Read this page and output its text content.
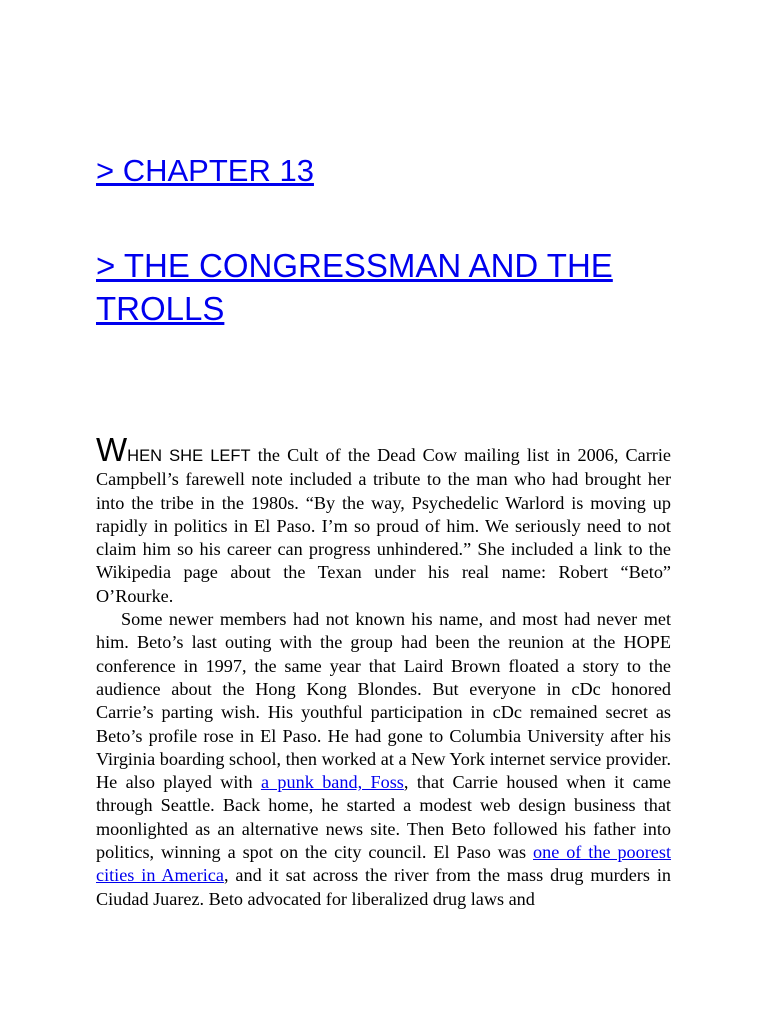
> CHAPTER 13
> THE CONGRESSMAN AND THE TROLLS

WHEN SHE LEFT the Cult of the Dead Cow mailing list in 2006, Carrie Campbell’s farewell note included a tribute to the man who had brought her into the tribe in the 1980s. “By the way, Psychedelic Warlord is moving up rapidly in politics in El Paso. I’m so proud of him. We seriously need to not claim him so his career can progress unhindered.” She included a link to the Wikipedia page about the Texan under his real name: Robert “Beto” O’Rourke.

Some newer members had not known his name, and most had never met him. Beto’s last outing with the group had been the reunion at the HOPE conference in 1997, the same year that Laird Brown floated a story to the audience about the Hong Kong Blondes. But everyone in cDc honored Carrie’s parting wish. His youthful participation in cDc remained secret as Beto’s profile rose in El Paso. He had gone to Columbia University after his Virginia boarding school, then worked at a New York internet service provider. He also played with a punk band, Foss, that Carrie housed when it came through Seattle. Back home, he started a modest web design business that moonlighted as an alternative news site. Then Beto followed his father into politics, winning a spot on the city council. El Paso was one of the poorest cities in America, and it sat across the river from the mass drug murders in Ciudad Juarez. Beto advocated for liberalized drug laws and
